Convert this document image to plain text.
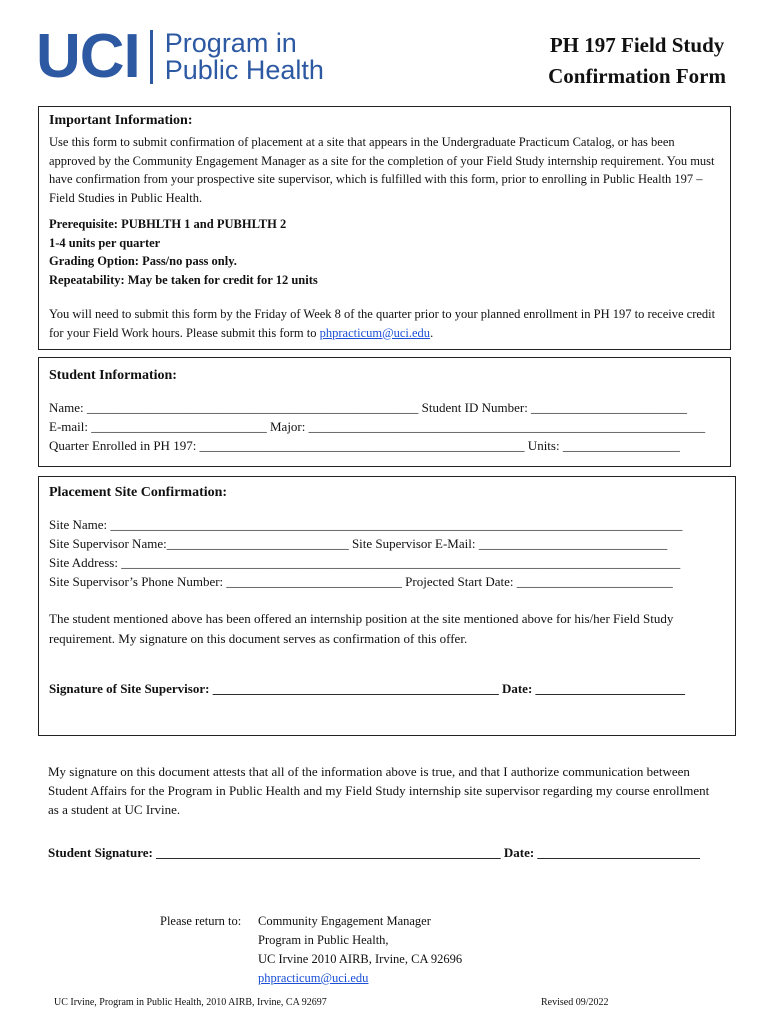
UCI Program in
Public Health
PH 197 Field Study
Confirmation Form
Important Information:
Use this form to submit confirmation of placement at a site that appears in the Undergraduate Practicum Catalog, or has been approved by the Community Engagement Manager as a site for the completion of your Field Study internship requirement. You must have confirmation from your prospective site supervisor, which is fulfilled with this form, prior to enrolling in Public Health 197 – Field Studies in Public Health.
Prerequisite: PUBHLTH 1 and PUBHLTH 2
1-4 units per quarter
Grading Option: Pass/no pass only.
Repeatability: May be taken for credit for 12 units
You will need to submit this form by the Friday of Week 8 of the quarter prior to your planned enrollment in PH 197 to receive credit for your Field Work hours. Please submit this form to phpracticum@uci.edu.
Student Information:
Name: ___________________________________________________ Student ID Number: ________________________
E-mail: ___________________________ Major: _____________________________________________________________
Quarter Enrolled in PH 197: __________________________________________________ Units: __________________
Placement Site Confirmation:
Site Name: ________________________________________________________________________________________
Site Supervisor Name:____________________________ Site Supervisor E-Mail: _____________________________
Site Address: ______________________________________________________________________________________
Site Supervisor’s Phone Number: ___________________________ Projected Start Date: ________________________
The student mentioned above has been offered an internship position at the site mentioned above for his/her Field Study requirement. My signature on this document serves as confirmation of this offer.
Signature of Site Supervisor: ____________________________________________ Date: _______________________
My signature on this document attests that all of the information above is true, and that I authorize communication between Student Affairs for the Program in Public Health and my Field Study internship site supervisor regarding my course enrollment as a student at UC Irvine.
Student Signature: _____________________________________________________ Date: _________________________
Please return to: Community Engagement Manager
Program in Public Health,
UC Irvine 2010 AIRB, Irvine, CA 92696
phpracticum@uci.edu
UC Irvine, Program in Public Health, 2010 AIRB, Irvine, CA 92697	Revised 09/2022
